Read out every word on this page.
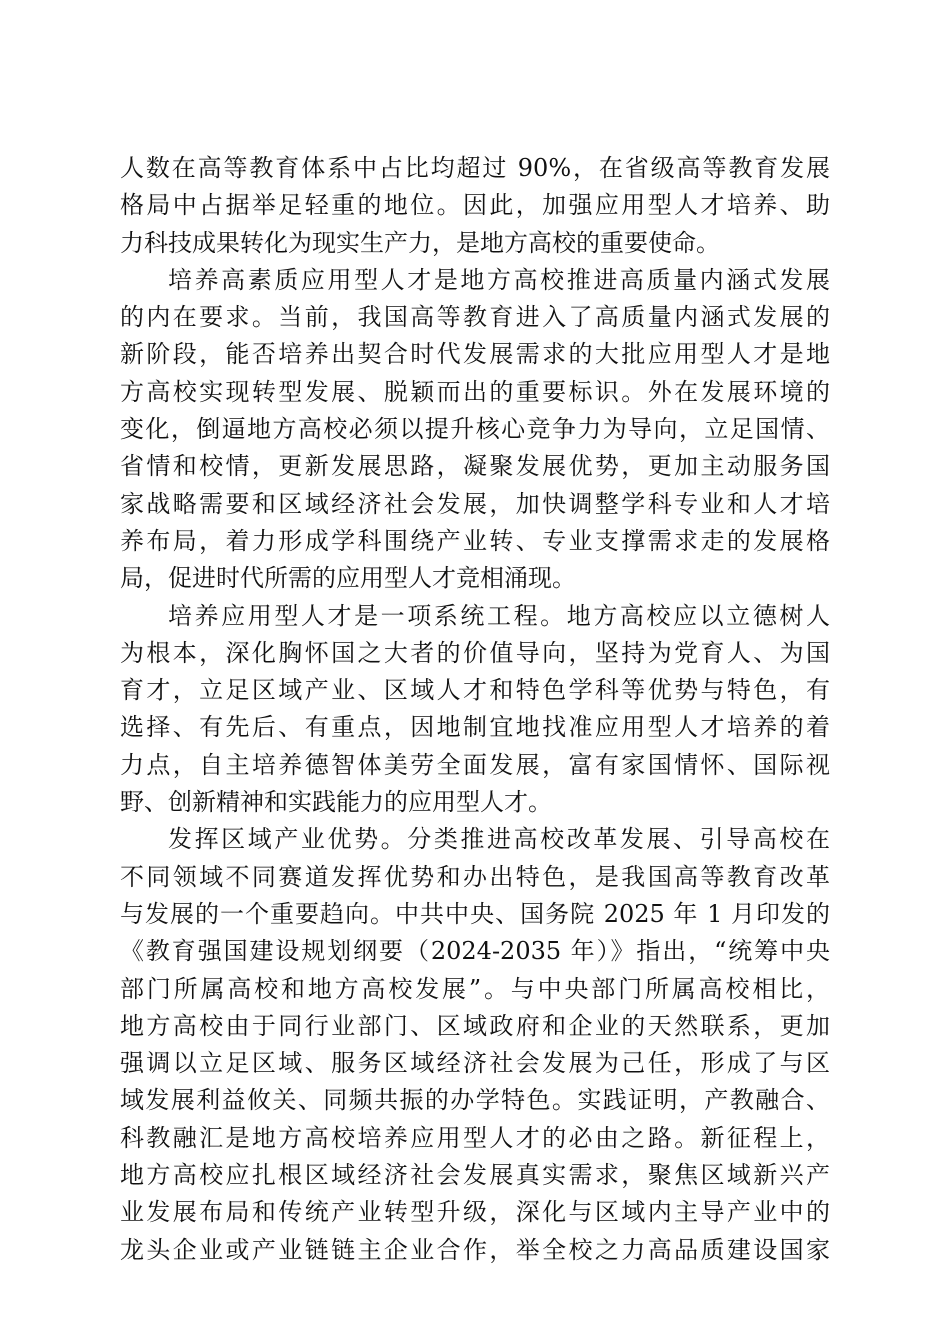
人数在高等教育体系中占比均超过 90%，在省级高等教育发展
格局中占据举足轻重的地位。因此，加强应用型人才培养、助
力科技成果转化为现实生产力，是地方高校的重要使命。
培养高素质应用型人才是地方高校推进高质量内涵式发展
的内在要求。当前，我国高等教育进入了高质量内涵式发展的
新阶段，能否培养出契合时代发展需求的大批应用型人才是地
方高校实现转型发展、脱颖而出的重要标识。外在发展环境的
变化，倒逼地方高校必须以提升核心竞争力为导向，立足国情、
省情和校情，更新发展思路，凝聚发展优势，更加主动服务国
家战略需要和区域经济社会发展，加快调整学科专业和人才培
养布局，着力形成学科围绕产业转、专业支撑需求走的发展格
局，促进时代所需的应用型人才竞相涌现。
培养应用型人才是一项系统工程。地方高校应以立德树人
为根本，深化胸怀国之大者的价值导向，坚持为党育人、为国
育才，立足区域产业、区域人才和特色学科等优势与特色，有
选择、有先后、有重点，因地制宜地找准应用型人才培养的着
力点，自主培养德智体美劳全面发展，富有家国情怀、国际视
野、创新精神和实践能力的应用型人才。
发挥区域产业优势。分类推进高校改革发展、引导高校在
不同领域不同赛道发挥优势和办出特色，是我国高等教育改革
与发展的一个重要趋向。中共中央、国务院 2025 年 1 月印发的
《教育强国建设规划纲要（2024-2035 年）》指出，“统筹中央
部门所属高校和地方高校发展”。与中央部门所属高校相比，
地方高校由于同行业部门、区域政府和企业的天然联系，更加
强调以立足区域、服务区域经济社会发展为己任，形成了与区
域发展利益攸关、同频共振的办学特色。实践证明，产教融合、
科教融汇是地方高校培养应用型人才的必由之路。新征程上，
地方高校应扎根区域经济社会发展真实需求，聚焦区域新兴产
业发展布局和传统产业转型升级，深化与区域内主导产业中的
龙头企业或产业链链主企业合作，举全校之力高品质建设国家
